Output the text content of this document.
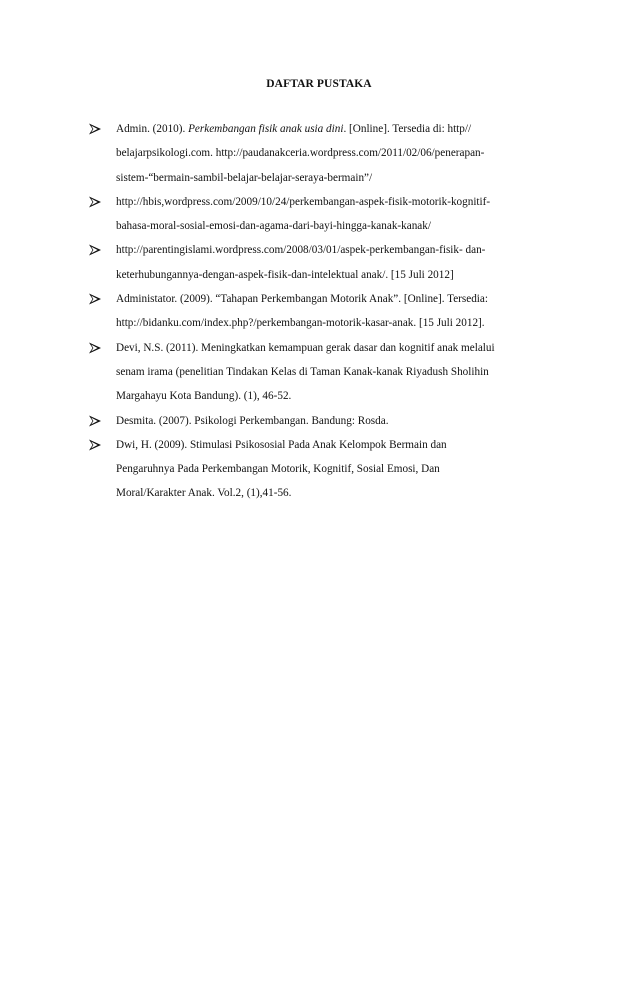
DAFTAR PUSTAKA
Admin. (2010). Perkembangan fisik anak usia dini. [Online]. Tersedia di: http//
belajarpsikologi.com. http://paudanakceria.wordpress.com/2011/02/06/penerapan-
sistem-“bermain-sambil-belajar-belajar-seraya-bermain”/
http://hbis,wordpress.com/2009/10/24/perkembangan-aspek-fisik-motorik-kognitif-
bahasa-moral-sosial-emosi-dan-agama-dari-bayi-hingga-kanak-kanak/
http://parentingislami.wordpress.com/2008/03/01/aspek-perkembangan-fisik- dan-
keterhubungannya-dengan-aspek-fisik-dan-intelektual anak/. [15 Juli 2012]
Administator. (2009). “Tahapan Perkembangan Motorik Anak”. [Online]. Tersedia:
http://bidanku.com/index.php?/perkembangan-motorik-kasar-anak. [15 Juli 2012].
Devi, N.S. (2011). Meningkatkan kemampuan gerak dasar dan kognitif anak melalui
senam irama (penelitian Tindakan Kelas di Taman Kanak-kanak Riyadush Sholihin
Margahayu Kota Bandung). (1), 46-52.
Desmita. (2007). Psikologi Perkembangan. Bandung: Rosda.
Dwi, H. (2009). Stimulasi Psikososial Pada Anak Kelompok Bermain dan
Pengaruhnya Pada Perkembangan Motorik, Kognitif, Sosial Emosi, Dan
Moral/Karakter Anak. Vol.2, (1),41-56.
